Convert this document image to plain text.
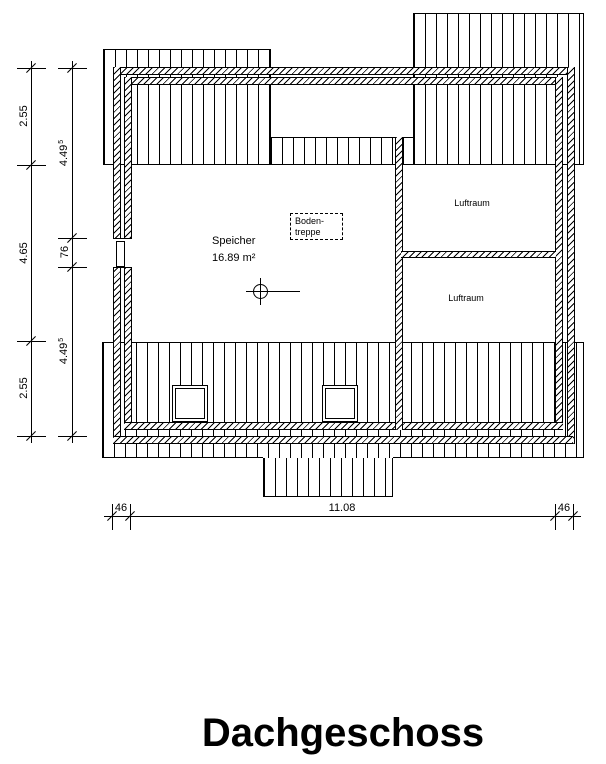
Speicher
16.89 m²
Luftraum
Luftraum
Boden-
treppe
2.55
4.65
2.55
4.49$^5$
76
4.49$^5$
46	11.08	46
Dachgeschoss
